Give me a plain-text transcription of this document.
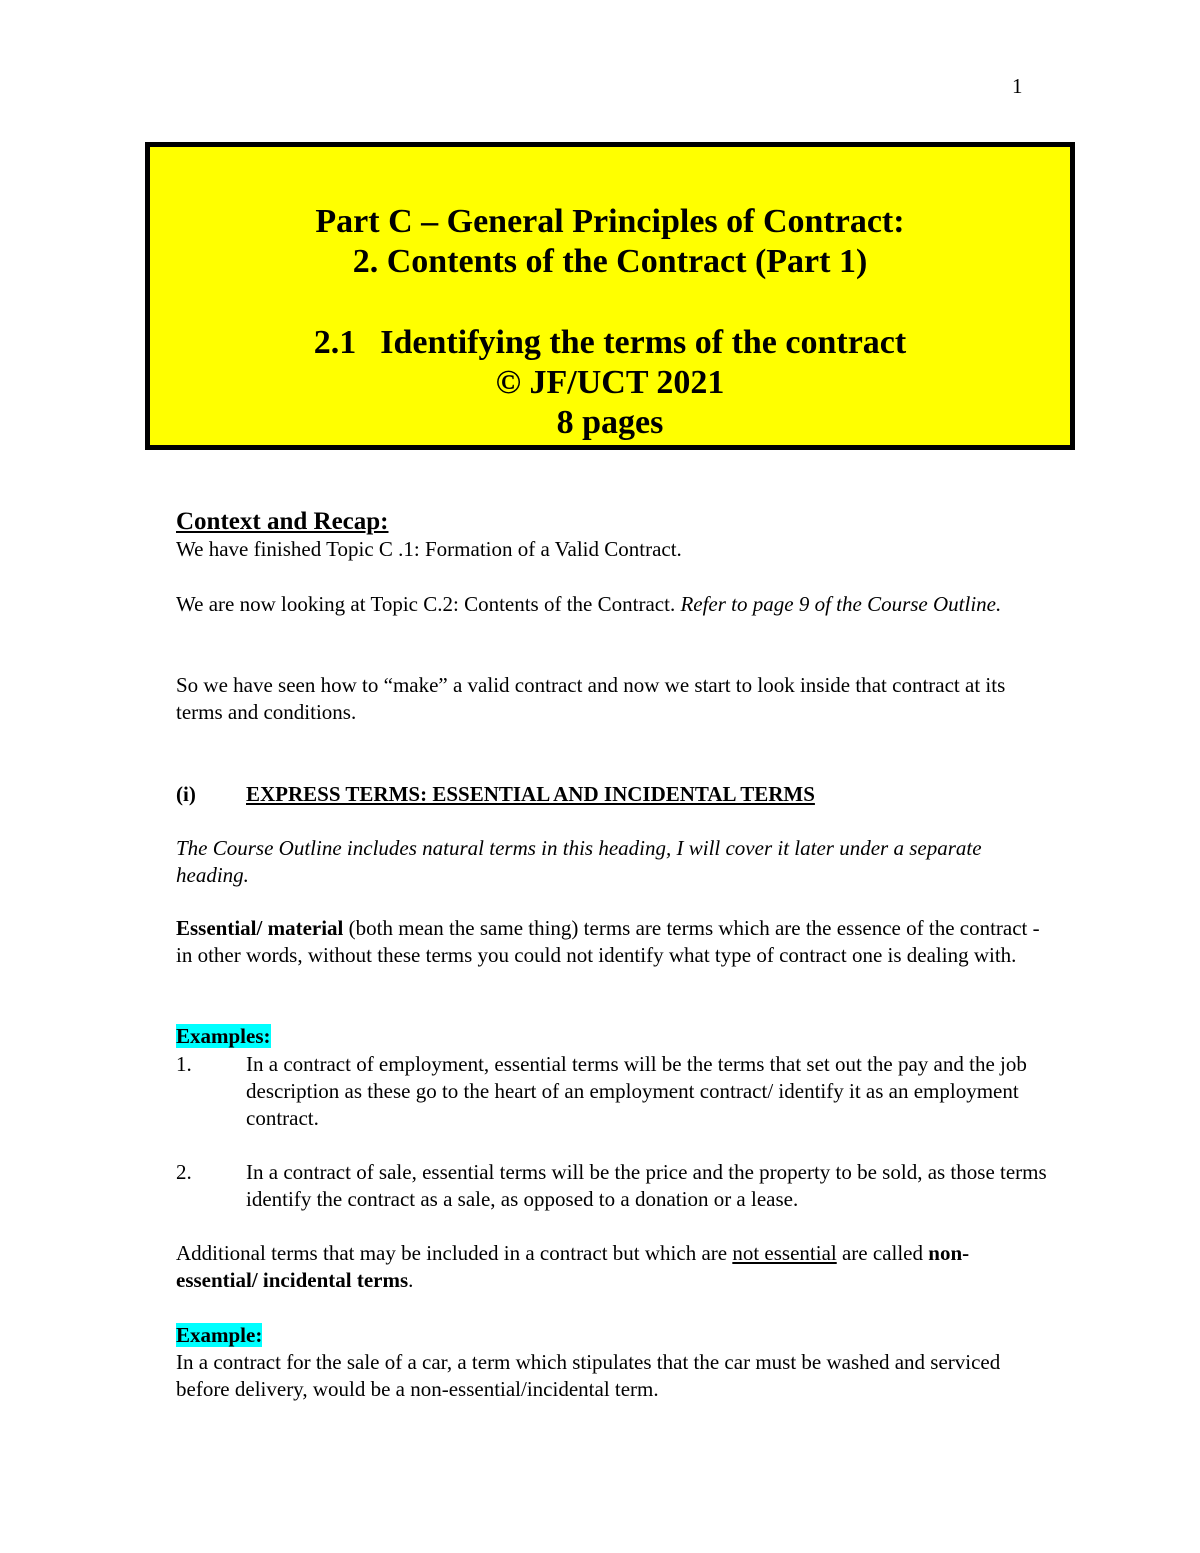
1
Part C – General Principles of Contract:
2. Contents of the Contract (Part 1)
2.1 Identifying the terms of the contract
© JF/UCT 2021
8 pages
Context and Recap:

We have finished Topic C .1: Formation of a Valid Contract.

We are now looking at Topic C.2: Contents of the Contract. Refer to page 9 of the Course Outline.

So we have seen how to “make” a valid contract and now we start to look inside that contract at its terms and conditions.

(i) EXPRESS TERMS: ESSENTIAL AND INCIDENTAL TERMS

The Course Outline includes natural terms in this heading, I will cover it later under a separate heading.

Essential/ material (both mean the same thing) terms are terms which are the essence of the contract - in other words, without these terms you could not identify what type of contract one is dealing with.

Examples:
1.	In a contract of employment, essential terms will be the terms that set out the pay and the job description as these go to the heart of an employment contract/ identify it as an employment contract.
2.	In a contract of sale, essential terms will be the price and the property to be sold, as those terms identify the contract as a sale, as opposed to a donation or a lease.

Additional terms that may be included in a contract but which are not essential are called non-essential/ incidental terms.

Example:

In a contract for the sale of a car, a term which stipulates that the car must be washed and serviced before delivery, would be a non-essential/incidental term.
